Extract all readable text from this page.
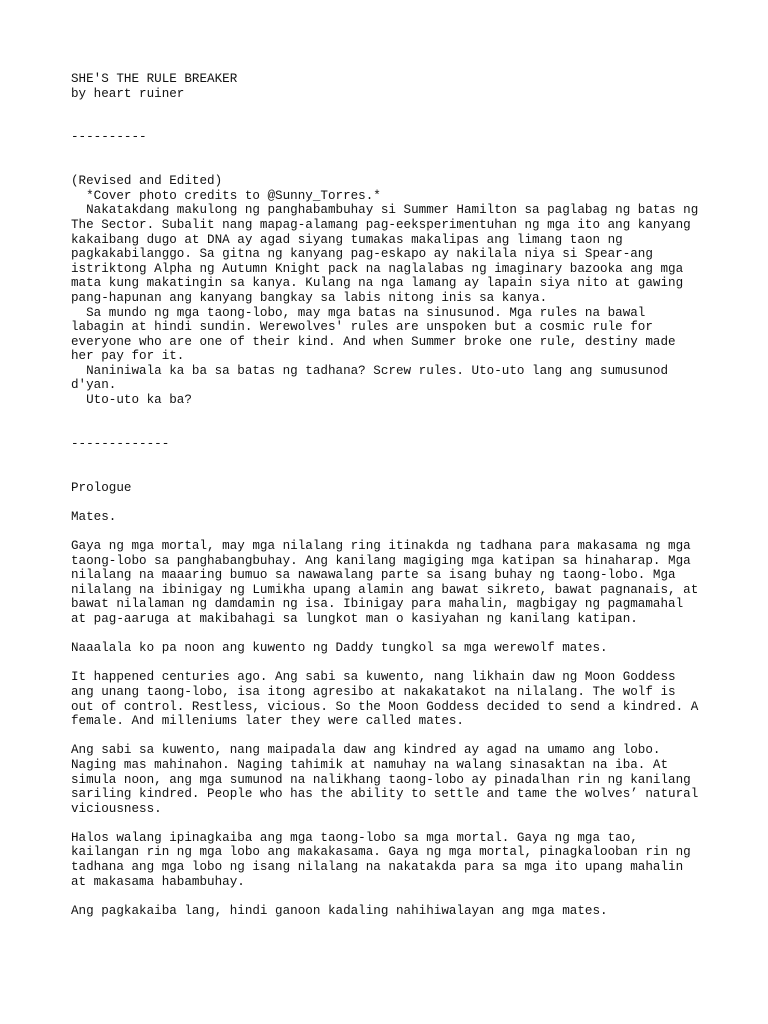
SHE'S THE RULE BREAKER
by heart ruiner
----------
(Revised and Edited)
*Cover photo credits to @Sunny_Torres.*
Nakatakdang makulong ng panghabambuhay si Summer Hamilton sa paglabag ng batas ng
The Sector. Subalit nang mapag-alamang pag-eeksperimentuhan ng mga ito ang kanyang
kakaibang dugo at DNA ay agad siyang tumakas makalipas ang limang taon ng
pagkakabilanggo. Sa gitna ng kanyang pag-eskapo ay nakilala niya si Spear-ang
istriktong Alpha ng Autumn Knight pack na naglalabas ng imaginary bazooka ang mga
mata kung makatingin sa kanya. Kulang na nga lamang ay lapain siya nito at gawing
pang-hapunan ang kanyang bangkay sa labis nitong inis sa kanya.
Sa mundo ng mga taong-lobo, may mga batas na sinusunod. Mga rules na bawal
labagin at hindi sundin. Werewolves' rules are unspoken but a cosmic rule for
everyone who are one of their kind. And when Summer broke one rule, destiny made
her pay for it.
Naniniwala ka ba sa batas ng tadhana? Screw rules. Uto-uto lang ang sumusunod
d'yan.
Uto-uto ka ba?
-------------
Prologue
Mates.
Gaya ng mga mortal, may mga nilalang ring itinakda ng tadhana para makasama ng mga
taong-lobo sa panghabangbuhay. Ang kanilang magiging mga katipan sa hinaharap. Mga
nilalang na maaaring bumuo sa nawawalang parte sa isang buhay ng taong-lobo. Mga
nilalang na ibinigay ng Lumikha upang alamin ang bawat sikreto, bawat pagnanais, at
bawat nilalaman ng damdamin ng isa. Ibinigay para mahalin, magbigay ng pagmamahal
at pag-aaruga at makibahagi sa lungkot man o kasiyahan ng kanilang katipan.
Naaalala ko pa noon ang kuwento ng Daddy tungkol sa mga werewolf mates.
It happened centuries ago. Ang sabi sa kuwento, nang likhain daw ng Moon Goddess
ang unang taong-lobo, isa itong agresibo at nakakatakot na nilalang. The wolf is
out of control. Restless, vicious. So the Moon Goddess decided to send a kindred. A
female. And milleniums later they were called mates.
Ang sabi sa kuwento, nang maipadala daw ang kindred ay agad na umamo ang lobo.
Naging mas mahinahon. Naging tahimik at namuhay na walang sinasaktan na iba. At
simula noon, ang mga sumunod na nalikhang taong-lobo ay pinadalhan rin ng kanilang
sariling kindred. People who has the ability to settle and tame the wolves’ natural
viciousness.
Halos walang ipinagkaiba ang mga taong-lobo sa mga mortal. Gaya ng mga tao,
kailangan rin ng mga lobo ang makakasama. Gaya ng mga mortal, pinagkalooban rin ng
tadhana ang mga lobo ng isang nilalang na nakatakda para sa mga ito upang mahalin
at makasama habambuhay.
Ang pagkakaiba lang, hindi ganoon kadaling nahihiwalayan ang mga mates.
